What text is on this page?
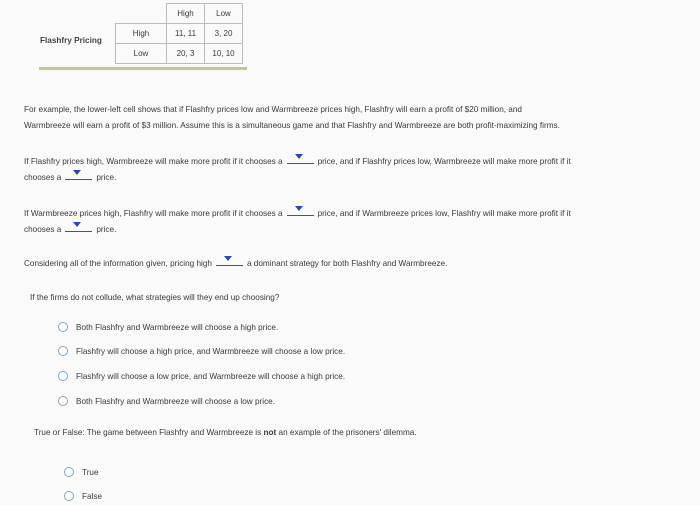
Flashfry Pricing
	High	Low
High	11, 11	3, 20
Low	20, 3	10, 10
For example, the lower-left cell shows that if Flashfry prices low and Warmbreeze prices high, Flashfry will earn a profit of $20 million, and
Warmbreeze will earn a profit of $3 million. Assume this is a simultaneous game and that Flashfry and Warmbreeze are both profit-maximizing firms.
If Flashfry prices high, Warmbreeze will make more profit if it chooses a	price, and if Flashfry prices low, Warmbreeze will make more profit if it
chooses a	price.
If Warmbreeze prices high, Flashfry will make more profit if it chooses a	price, and if Warmbreeze prices low, Flashfry will make more profit if it
chooses a	price.
Considering all of the information given, pricing high	a dominant strategy for both Flashfry and Warmbreeze.
If the firms do not collude, what strategies will they end up choosing?
Both Flashfry and Warmbreeze will choose a high price.
Flashfry will choose a high price, and Warmbreeze will choose a low price.
Flashfry will choose a low price, and Warmbreeze will choose a high price.
Both Flashfry and Warmbreeze will choose a low price.
True or False: The game between Flashfry and Warmbreeze is not an example of the prisoners' dilemma.
True
False
